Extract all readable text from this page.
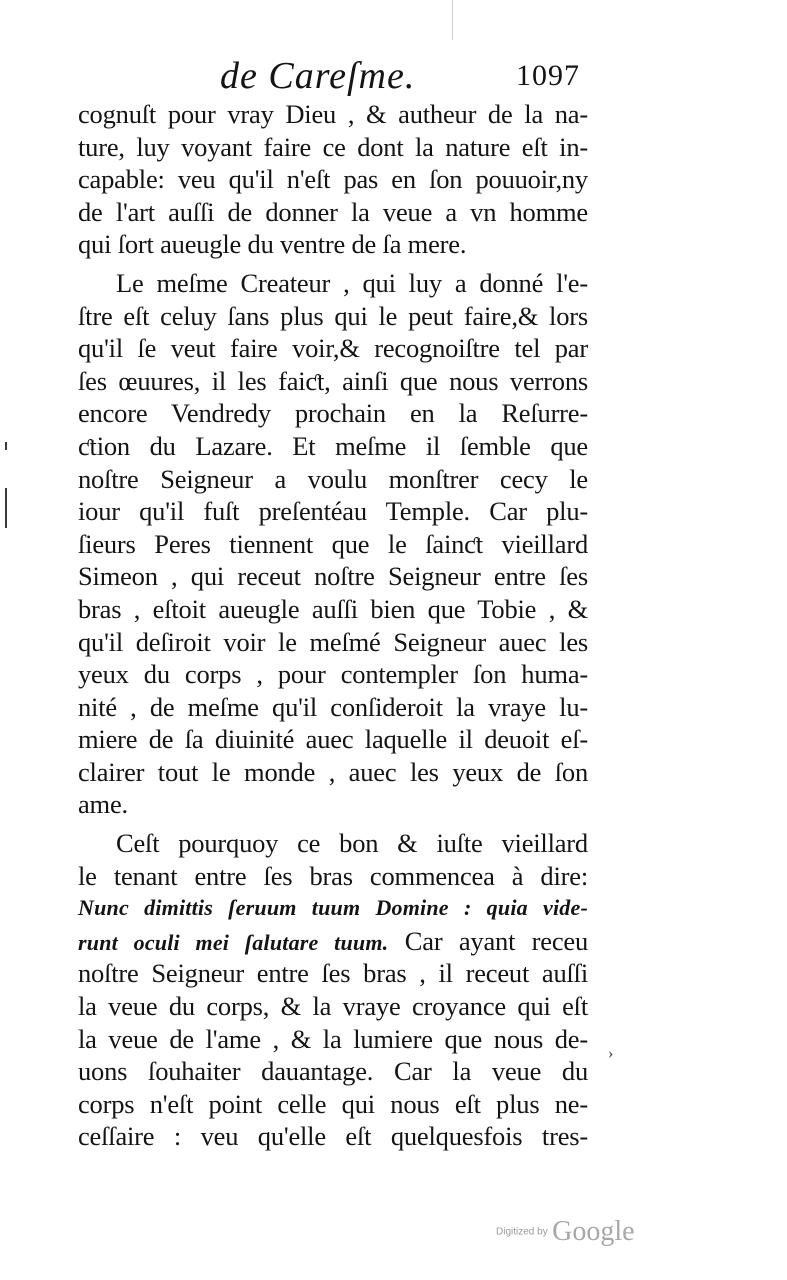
de Careſme.	1097
cognuſt pour vray Dieu , & autheur de la na-
ture, luy voyant faire ce dont la nature eſt in-
capable: veu qu'il n'eſt pas en ſon pouuoir,ny
de l'art auſſi de donner la veue a vn homme
qui ſort aueugle du ventre de ſa mere.
Le meſme Createur , qui luy a donné l'e-
ſtre eſt celuy ſans plus qui le peut faire,& lors
qu'il ſe veut faire voir,& recognoiſtre tel par
ſes œuures, il les faiƈt, ainſi que nous verrons
encore Vendredy prochain en la Reſurre-
ƈtion du Lazare. Et meſme il ſemble que
noſtre Seigneur a voulu monſtrer cecy le
iour qu'il fuſt preſentéau Temple. Car plu-
ſieurs Peres tiennent que le ſainƈt vieillard
Simeon , qui receut noſtre Seigneur entre ſes
bras , eſtoit aueugle auſſi bien que Tobie , &
qu'il deſiroit voir le meſmé Seigneur auec les
yeux du corps , pour contempler ſon huma-
nité , de meſme qu'il conſideroit la vraye lu-
miere de ſa diuinité auec laquelle il deuoit eſ-
clairer tout le monde , auec les yeux de ſon
ame.
Ceſt pourquoy ce bon & iuſte vieillard
le tenant entre ſes bras commencea à dire:
Nunc dimittis ſeruum tuum Domine : quia vide-
runt oculi mei ſalutare tuum. Car ayant receu
noſtre Seigneur entre ſes bras , il receut auſſi
la veue du corps, & la vraye croyance qui eſt
la veue de l'ame , & la lumiere que nous de-
uons ſouhaiter dauantage. Car la veue du
corps n'eſt point celle qui nous eſt plus ne-
ceſſaire : veu qu'elle eſt quelquesfois tres-
›
Digitized by Google
